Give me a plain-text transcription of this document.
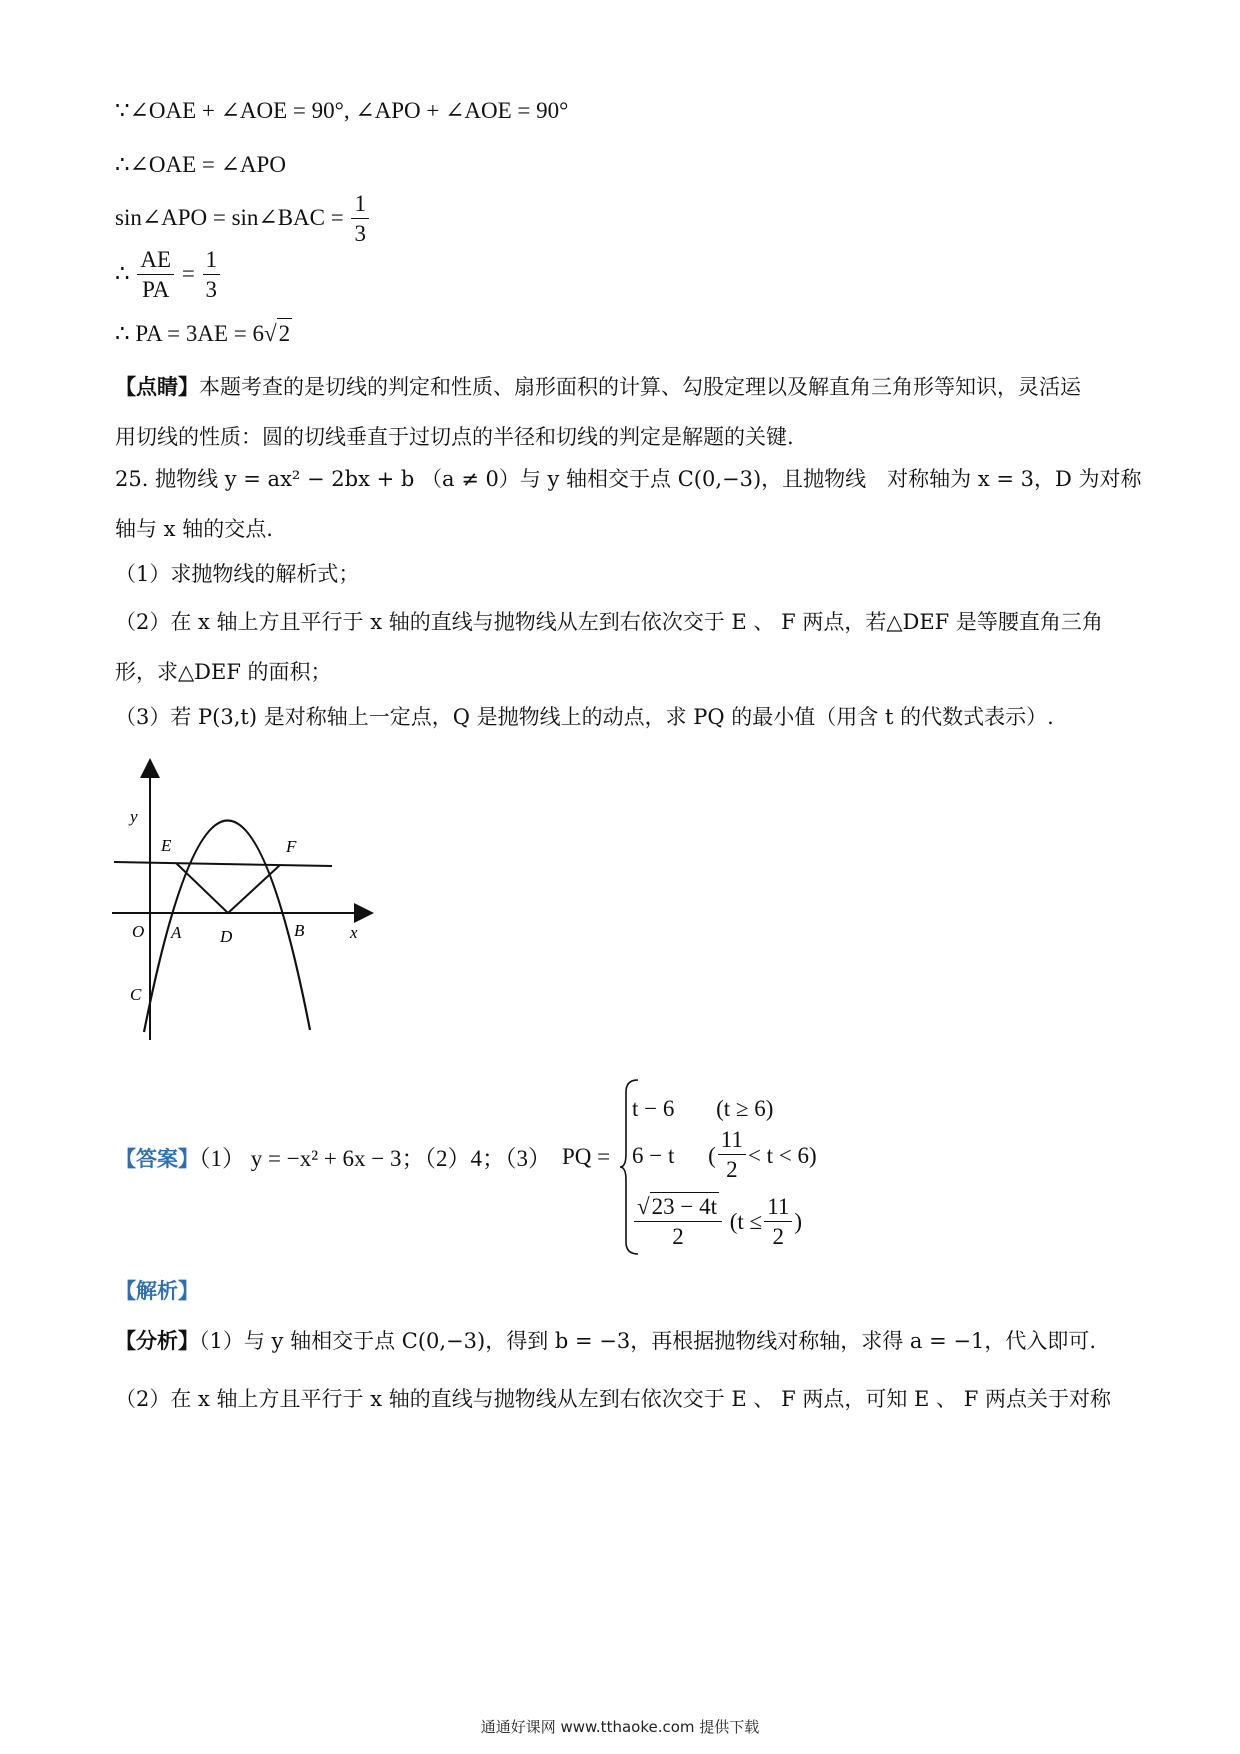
∵∠OAE + ∠AOE = 90°, ∠APO + ∠AOE = 90°
∴∠OAE = ∠APO
sin∠APO = sin∠BAC = $\frac{1}{3}$
∴ $\frac{AE}{PA} = \frac{1}{3}$
∴ PA = 3AE = 6√2
【点睛】本题考查的是切线的判定和性质、扇形面积的计算、勾股定理以及解直角三角形等知识，灵活运
用切线的性质：圆的切线垂直于过切点的半径和切线的判定是解题的关键.
25. 抛物线 y = ax² − 2bx + b （a ≠ 0）与 y 轴相交于点 C(0,−3)，且抛物线　对称轴为 x = 3，D 为对称
轴与 x 轴的交点.
（1）求抛物线的解析式；
（2）在 x 轴上方且平行于 x 轴的直线与抛物线从左到右依次交于 E 、 F 两点，若△DEF 是等腰直角三角
形，求△DEF 的面积；
（3）若 P(3,t) 是对称轴上一定点，Q 是抛物线上的动点，求 PQ 的最小值（用含 t 的代数式表示）.
y
x
O A D	B
C
E	F
【答案】（1） y = −x² + 6x − 3；（2）4；（3） PQ =
t − 6 (t ≥ 6)
6 − t ( $\frac{11}{2} < t < 6$)
$\frac{√23 - 4t}{2} (t \le \frac{11}{2}$ )
【解析】
【分析】（1）与 y 轴相交于点 C(0,−3)，得到 b = −3，再根据抛物线对称轴，求得 a = −1，代入即可.
（2）在 x 轴上方且平行于 x 轴的直线与抛物线从左到右依次交于 E 、 F 两点，可知 E 、 F 两点关于对称
通通好课网 www.tthaoke.com 提供下载
